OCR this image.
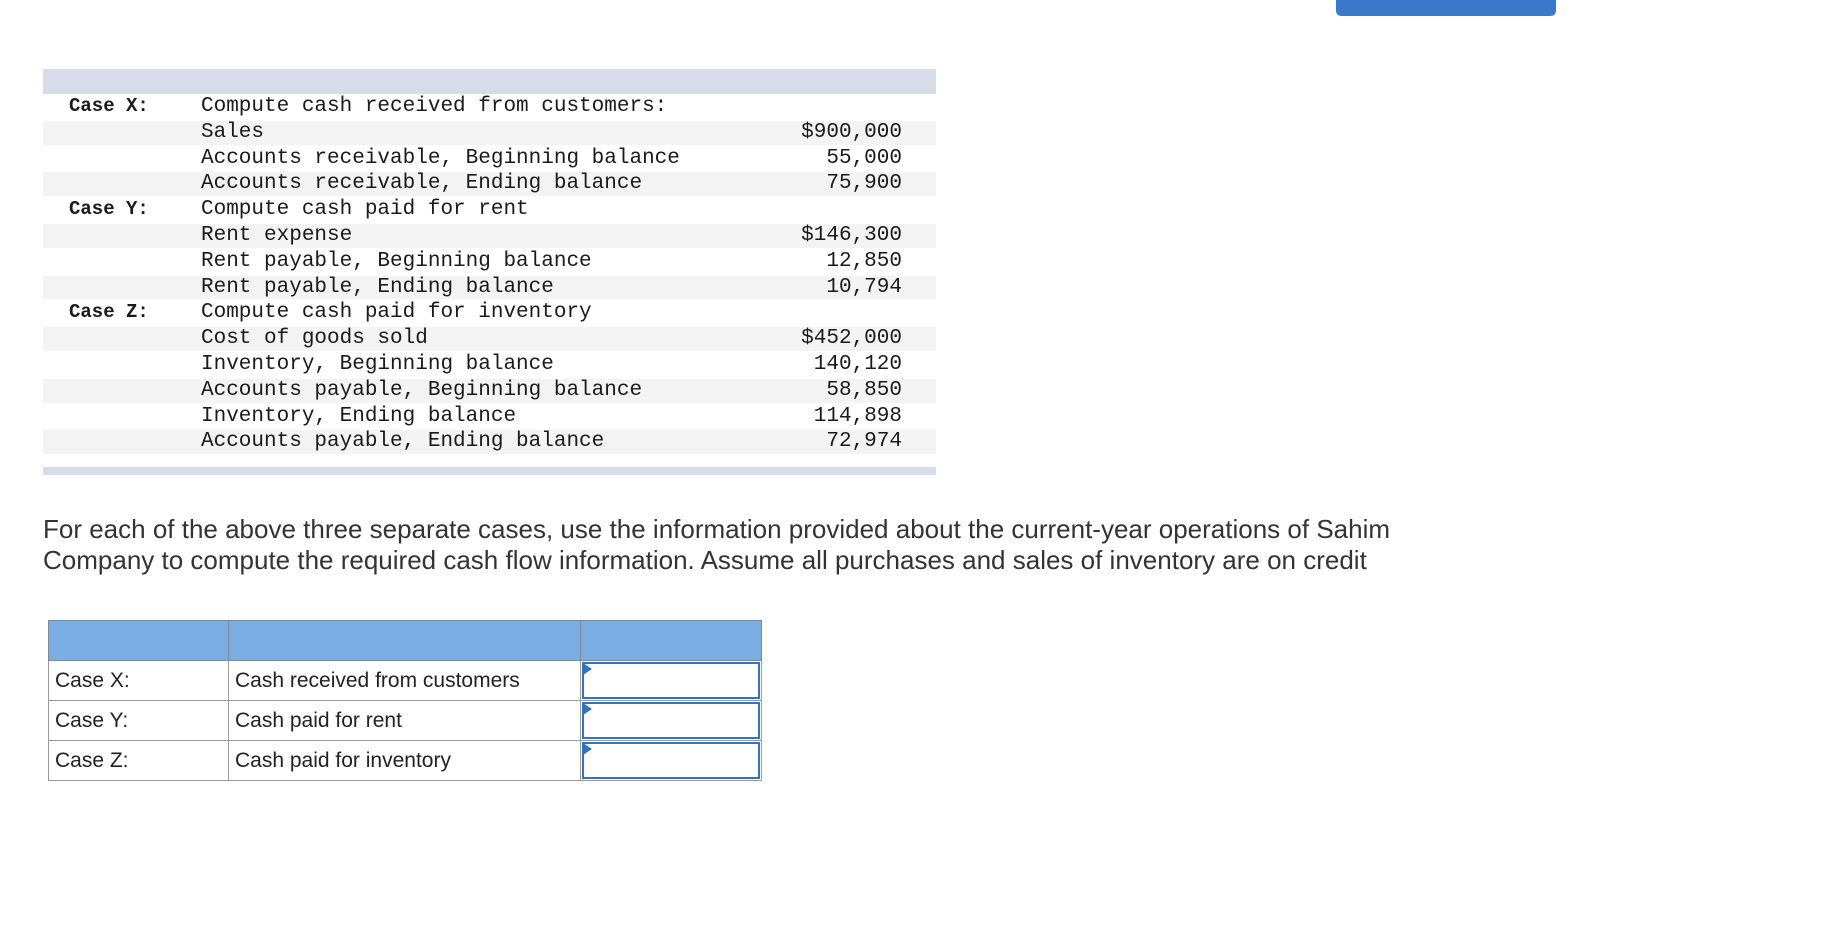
Case X: Compute cash received from customers:
Sales	$900,000
Accounts receivable, Beginning balance	55,000
Accounts receivable, Ending balance	75,900
Case Y: Compute cash paid for rent
Rent expense	$146,300
Rent payable, Beginning balance	12,850
Rent payable, Ending balance	10,794
Case Z: Compute cash paid for inventory
Cost of goods sold	$452,000
Inventory, Beginning balance	140,120
Accounts payable, Beginning balance	58,850
Inventory, Ending balance	114,898
Accounts payable, Ending balance	72,974

For each of the above three separate cases, use the information provided about the current-year operations of Sahim Company to compute the required cash flow information. Assume all purchases and sales of inventory are on credit

Case X:	Cash received from customers	

Case Y:	Cash paid for rent	

Case Z:	Cash paid for inventory	
